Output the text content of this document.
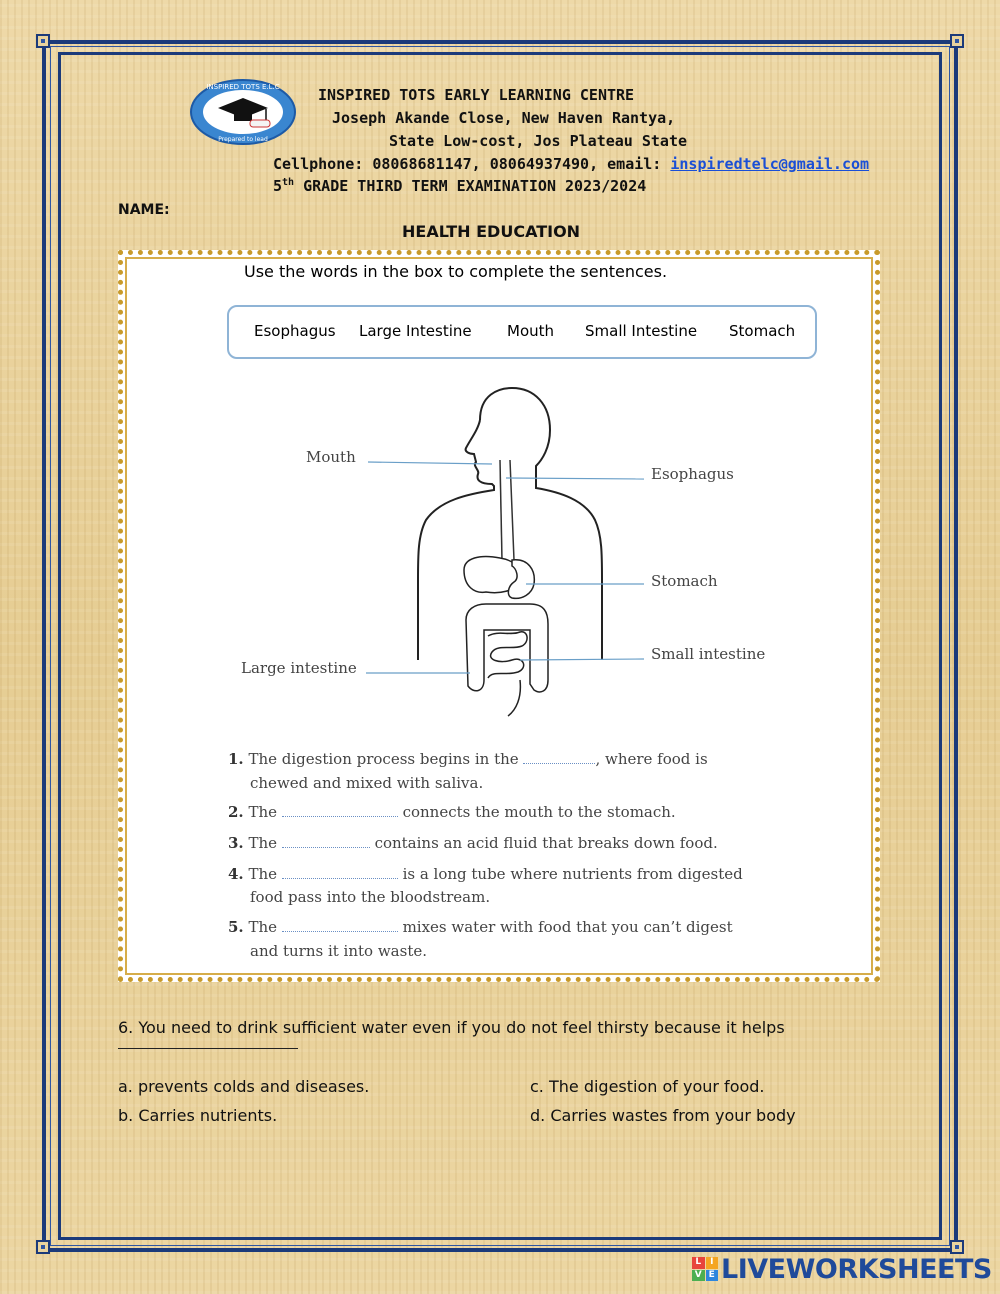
INSPIRED TOTS E.L.C
Prepared to lead
INSPIRED TOTS EARLY LEARNING CENTRE
Joseph Akande Close, New Haven Rantya,
State Low-cost, Jos Plateau State
Cellphone: 08068681147, 08064937490, email: inspiredtelc@gmail.com
5th GRADE THIRD TERM EXAMINATION 2023/2024
NAME:
HEALTH EDUCATION
Use the words in the box to complete the sentences.
Esophagus Large Intestine Mouth Small Intestine Stomach
Mouth
Esophagus
Stomach
Small intestine
Large intestine
1. The digestion process begins in the	, where food is
chewed and mixed with saliva.
2. The	connects the mouth to the stomach.
3. The	contains an acid fluid that breaks down food.
4. The	is a long tube where nutrients from digested
food pass into the bloodstream.
5. The	mixes water with food that you can’t digest
and turns it into waste.
6. You need to drink sufficient water even if you do not feel thirsty because it helps
a. prevents colds and diseases.	c. The digestion of your food.
b. Carries nutrients.	d. Carries wastes from your body
L I
V E LIVEWORKSHEETS
